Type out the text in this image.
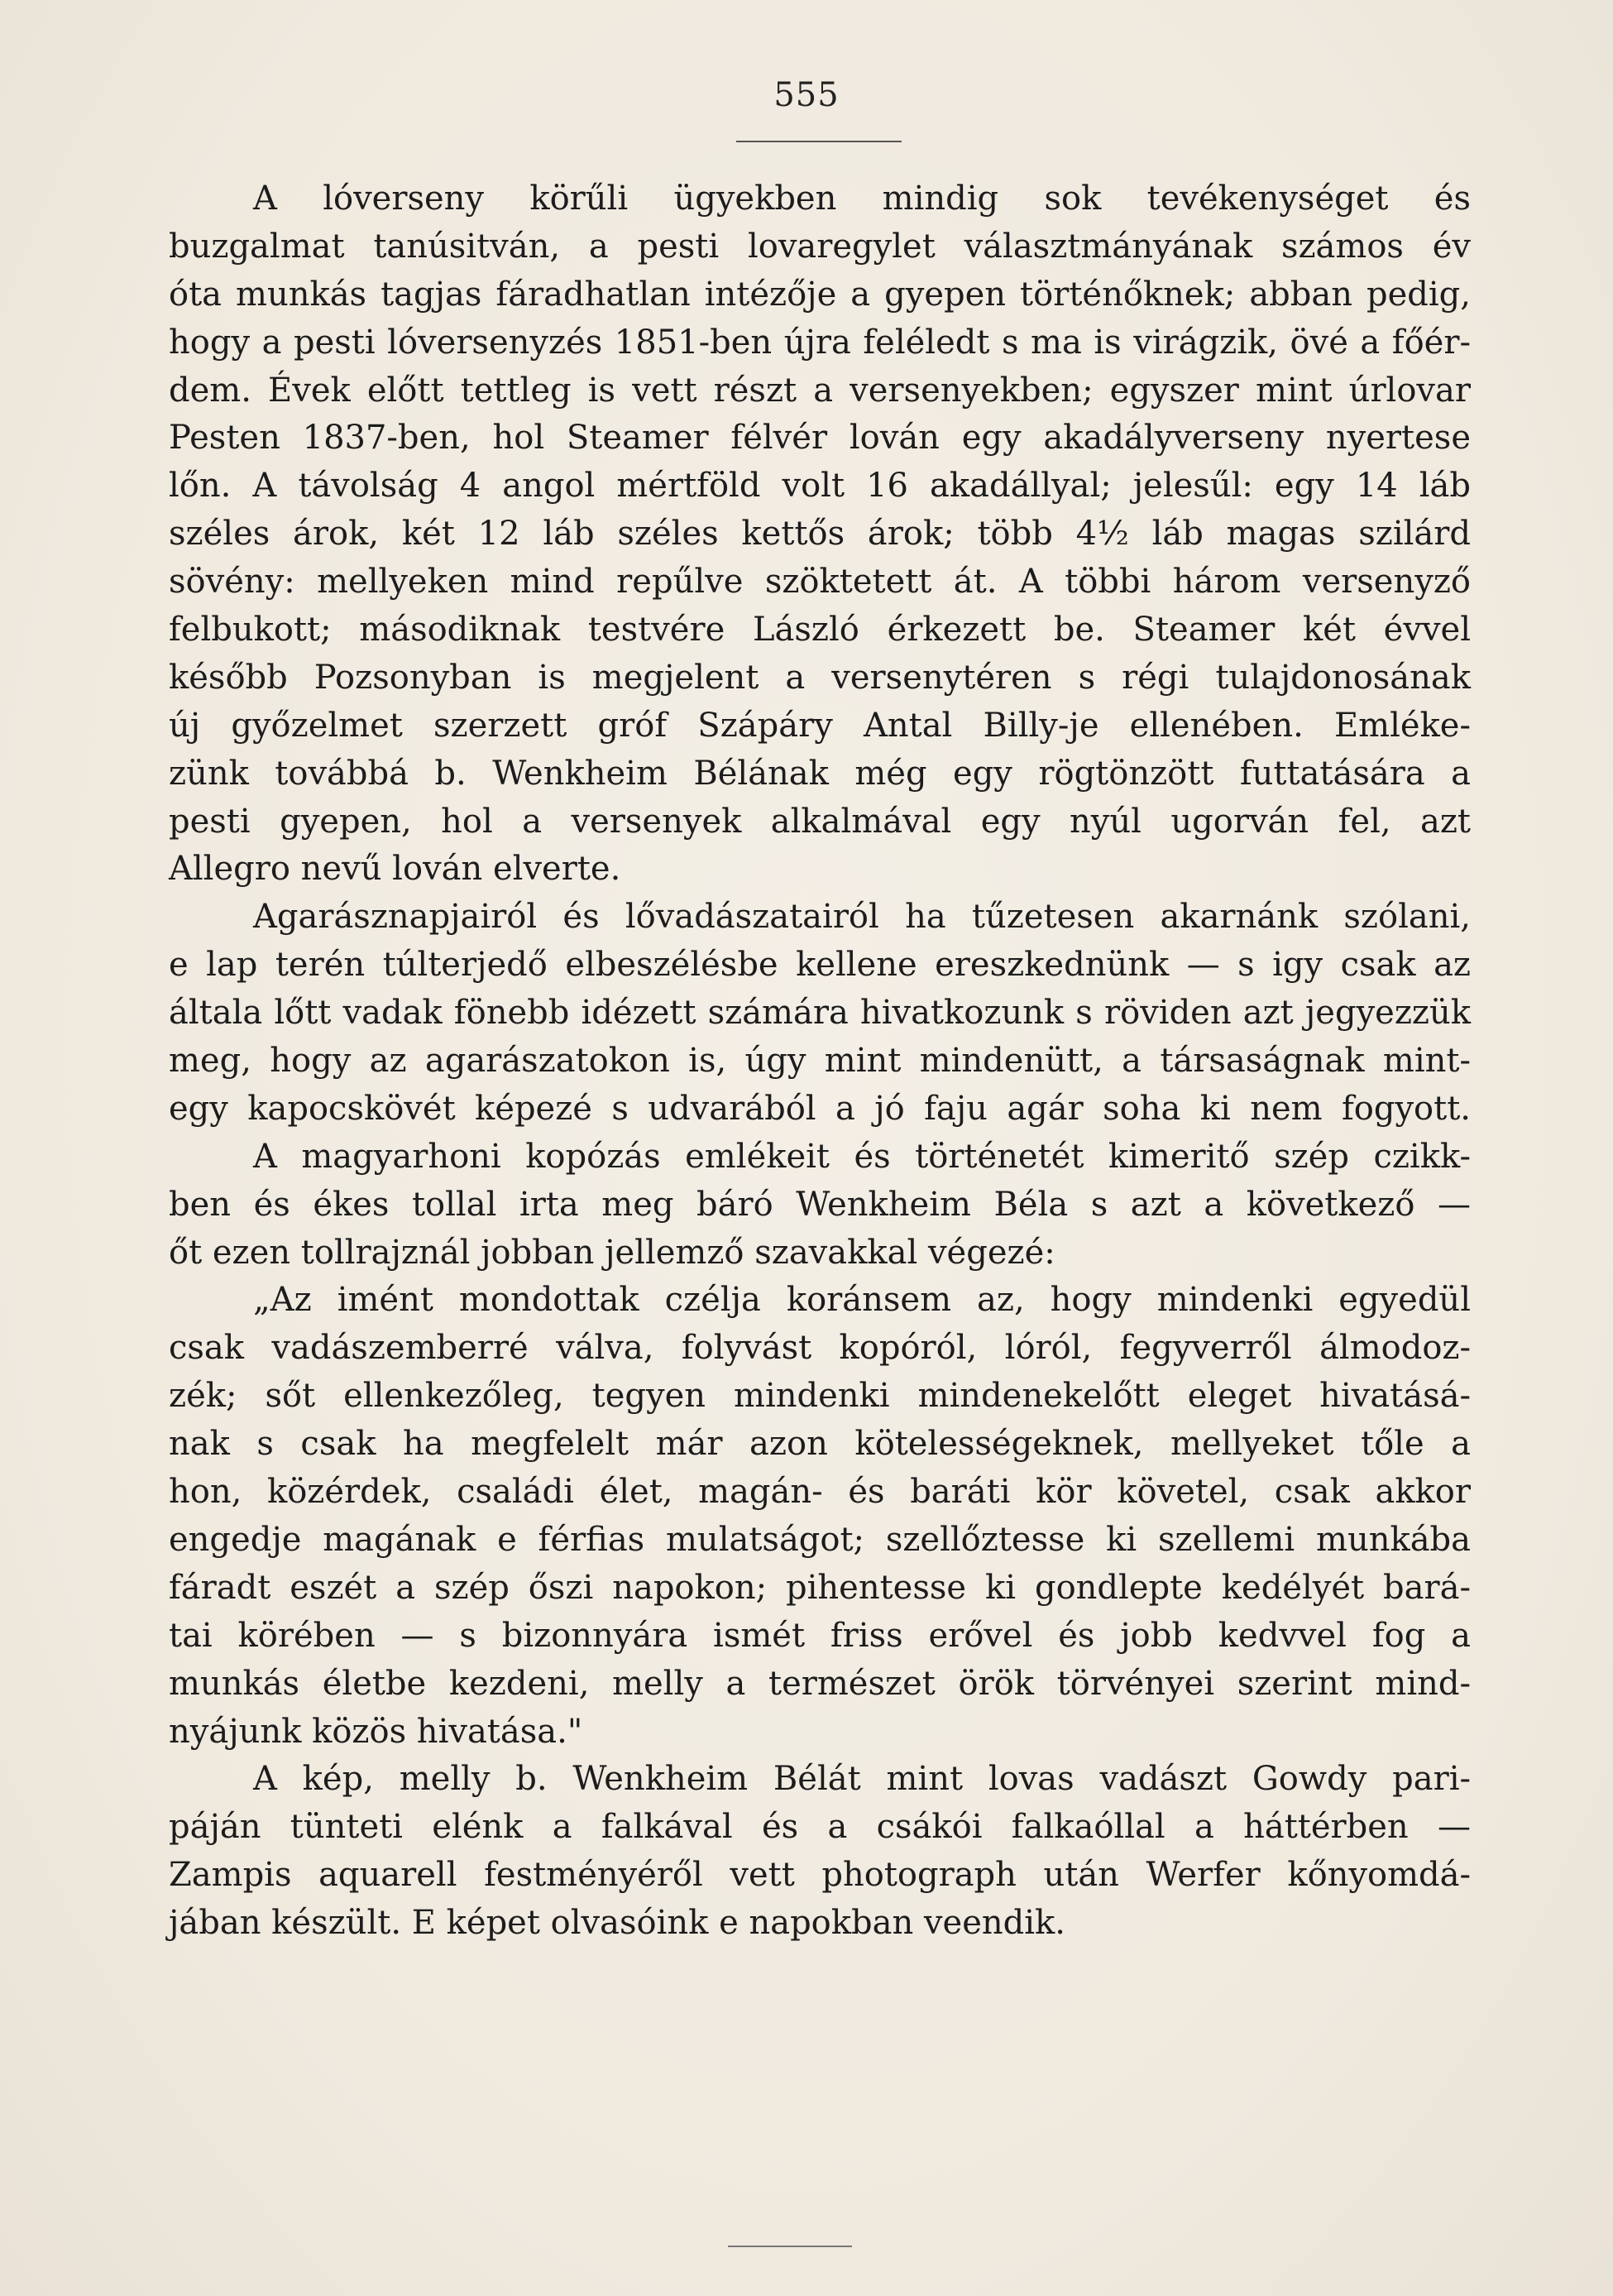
555
A lóverseny körűli ügyekben mindig sok tevékenységet és
buzgalmat tanúsitván, a pesti lovaregylet választmányának számos év
óta munkás tagjas fáradhatlan intézője a gyepen történőknek; abban pedig,
hogy a pesti lóversenyzés 1851-ben újra feléledt s ma is virágzik, övé a főér-
dem. Évek előtt tettleg is vett részt a versenyekben; egyszer mint úrlovar
Pesten 1837-ben, hol Steamer félvér lován egy akadályverseny nyertese
lőn. A távolság 4 angol mértföld volt 16 akadállyal; jelesűl: egy 14 láb
széles árok, két 12 láb széles kettős árok; több 4½ láb magas szilárd
sövény: mellyeken mind repűlve szöktetett át. A többi három versenyző
felbukott; másodiknak testvére László érkezett be. Steamer két évvel
később Pozsonyban is megjelent a versenytéren s régi tulajdonosának
új győzelmet szerzett gróf Szápáry Antal Billy-je ellenében. Emléke-
zünk továbbá b. Wenkheim Bélának még egy rögtönzött futtatására a
pesti gyepen, hol a versenyek alkalmával egy nyúl ugorván fel, azt
Allegro nevű lován elverte.
Agarásznapjairól és lővadászatairól ha tűzetesen akarnánk szólani,
e lap terén túlterjedő elbeszélésbe kellene ereszkednünk — s igy csak az
általa lőtt vadak fönebb idézett számára hivatkozunk s röviden azt jegyezzük
meg, hogy az agarászatokon is, úgy mint mindenütt, a társaságnak mint-
egy kapocskövét képezé s udvarából a jó faju agár soha ki nem fogyott.
A magyarhoni kopózás emlékeit és történetét kimeritő szép czikk-
ben és ékes tollal irta meg báró Wenkheim Béla s azt a következő —
őt ezen tollrajznál jobban jellemző szavakkal végezé:
„Az imént mondottak czélja koránsem az, hogy mindenki egyedül
csak vadászemberré válva, folyvást kopóról, lóról, fegyverről álmodoz-
zék; sőt ellenkezőleg, tegyen mindenki mindenekelőtt eleget hivatásá-
nak s csak ha megfelelt már azon kötelességeknek, mellyeket tőle a
hon, közérdek, családi élet, magán- és baráti kör követel, csak akkor
engedje magának e férfias mulatságot; szellőztesse ki szellemi munkába
fáradt eszét a szép őszi napokon; pihentesse ki gondlepte kedélyét bará-
tai körében — s bizonnyára ismét friss erővel és jobb kedvvel fog a
munkás életbe kezdeni, melly a természet örök törvényei szerint mind-
nyájunk közös hivatása."
A kép, melly b. Wenkheim Bélát mint lovas vadászt Gowdy pari-
páján tünteti elénk a falkával és a csákói falkaóllal a háttérben —
Zampis aquarell festményéről vett photograph után Werfer kőnyomdá-
jában készült. E képet olvasóink e napokban veendik.
